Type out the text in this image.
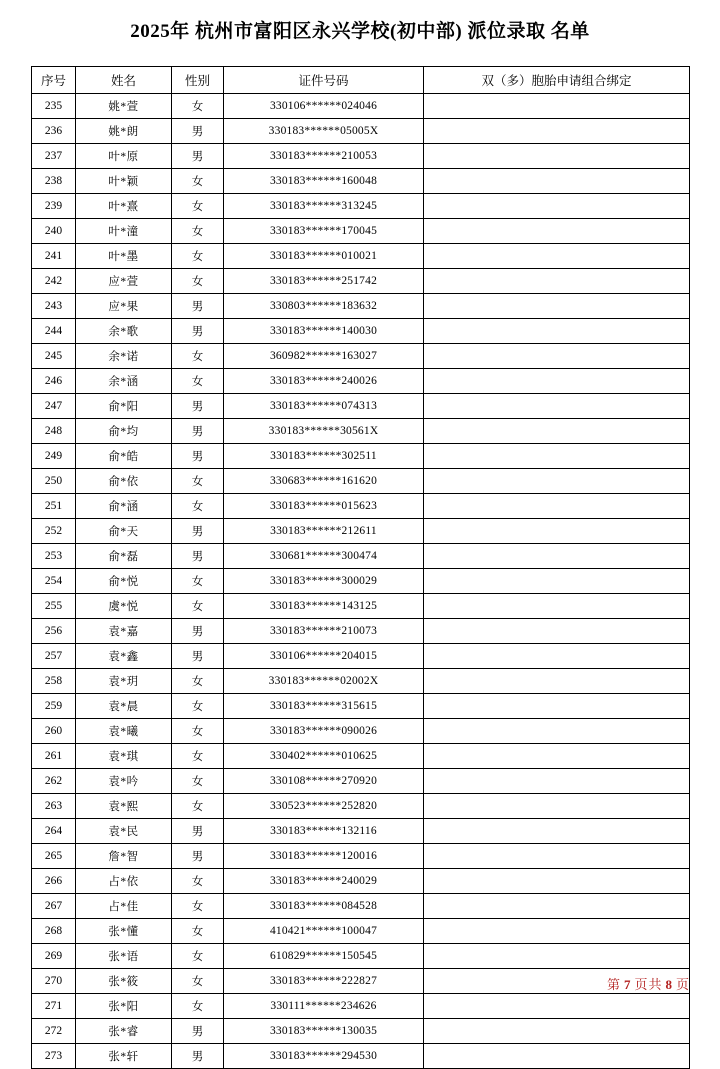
2025年 杭州市富阳区永兴学校(初中部) 派位录取 名单
序号	姓名	性别	证件号码	双（多）胞胎申请组合绑定
235	姚*萱	女	330106******024046	
236	姚*朗	男	330183******05005X	
237	叶*原	男	330183******210053	
238	叶*颖	女	330183******160048	
239	叶*熹	女	330183******313245	
240	叶*潼	女	330183******170045	
241	叶*墨	女	330183******010021	
242	应*萱	女	330183******251742	
243	应*果	男	330803******183632	
244	余*歌	男	330183******140030	
245	余*诺	女	360982******163027	
246	余*涵	女	330183******240026	
247	俞*阳	男	330183******074313	
248	俞*均	男	330183******30561X	
249	俞*皓	男	330183******302511	
250	俞*依	女	330683******161620	
251	俞*涵	女	330183******015623	
252	俞*天	男	330183******212611	
253	俞*磊	男	330681******300474	
254	俞*悦	女	330183******300029	
255	虞*悦	女	330183******143125	
256	袁*嘉	男	330183******210073	
257	袁*鑫	男	330106******204015	
258	袁*玥	女	330183******02002X	
259	袁*晨	女	330183******315615	
260	袁*曦	女	330183******090026	
261	袁*琪	女	330402******010625	
262	袁*吟	女	330108******270920	
263	袁*熙	女	330523******252820	
264	袁*民	男	330183******132116	
265	詹*智	男	330183******120016	
266	占*依	女	330183******240029	
267	占*佳	女	330183******084528	
268	张*懂	女	410421******100047	
269	张*语	女	610829******150545	
270	张*筱	女	330183******222827	
271	张*阳	女	330111******234626	
272	张*睿	男	330183******130035	
273	张*轩	男	330183******294530	
第 7 页共 8 页
